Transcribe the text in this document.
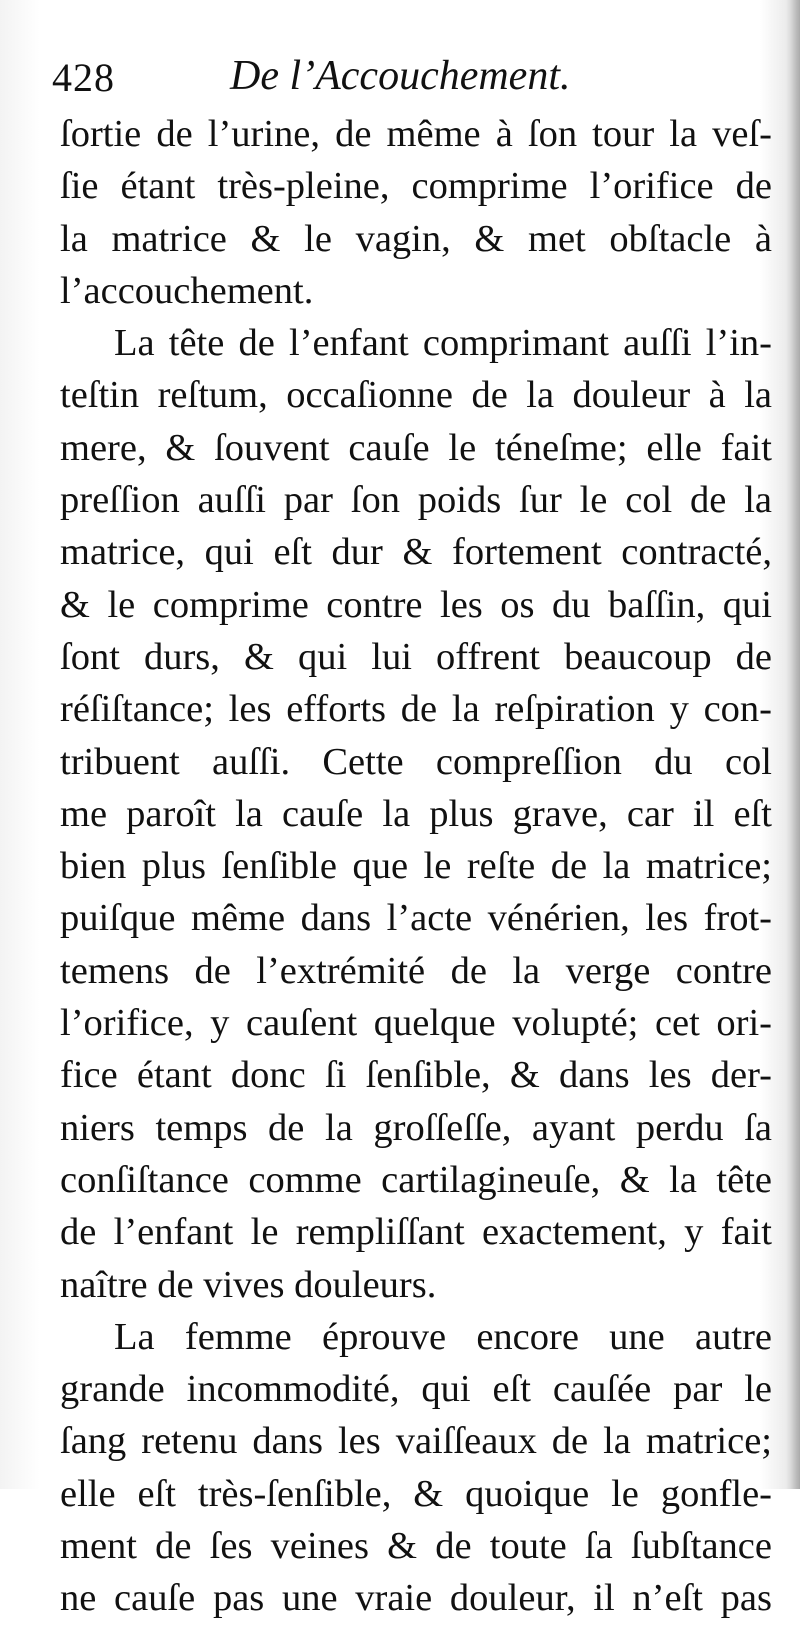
428	De l’Accouchement.
ſortie de l’urine, de même à ſon tour la veſ-
ſie étant très-pleine, comprime l’orifice de
la matrice & le vagin, & met obſtacle à
l’accouchement.
La tête de l’enfant comprimant auſſi l’in-
teſtin reſtum, occaſionne de la douleur à la
mere, & ſouvent cauſe le téneſme; elle fait
preſſion auſſi par ſon poids ſur le col de la
matrice, qui eſt dur & fortement contracté,
& le comprime contre les os du baſſin, qui
ſont durs, & qui lui offrent beaucoup de
réſiſtance; les efforts de la reſpiration y con-
tribuent auſſi. Cette compreſſion du col
me paroît la cauſe la plus grave, car il eſt
bien plus ſenſible que le reſte de la matrice;
puiſque même dans l’acte vénérien, les frot-
temens de l’extrémité de la verge contre
l’orifice, y cauſent quelque volupté; cet ori-
fice étant donc ſi ſenſible, & dans les der-
niers temps de la groſſeſſe, ayant perdu ſa
conſiſtance comme cartilagineuſe, & la tête
de l’enfant le rempliſſant exactement, y fait
naître de vives douleurs.
La femme éprouve encore une autre
grande incommodité, qui eſt cauſée par le
ſang retenu dans les vaiſſeaux de la matrice;
elle eſt très-ſenſible, & quoique le gonfle-
ment de ſes veines & de toute ſa ſubſtance
ne cauſe pas une vraie douleur, il n’eſt pas
